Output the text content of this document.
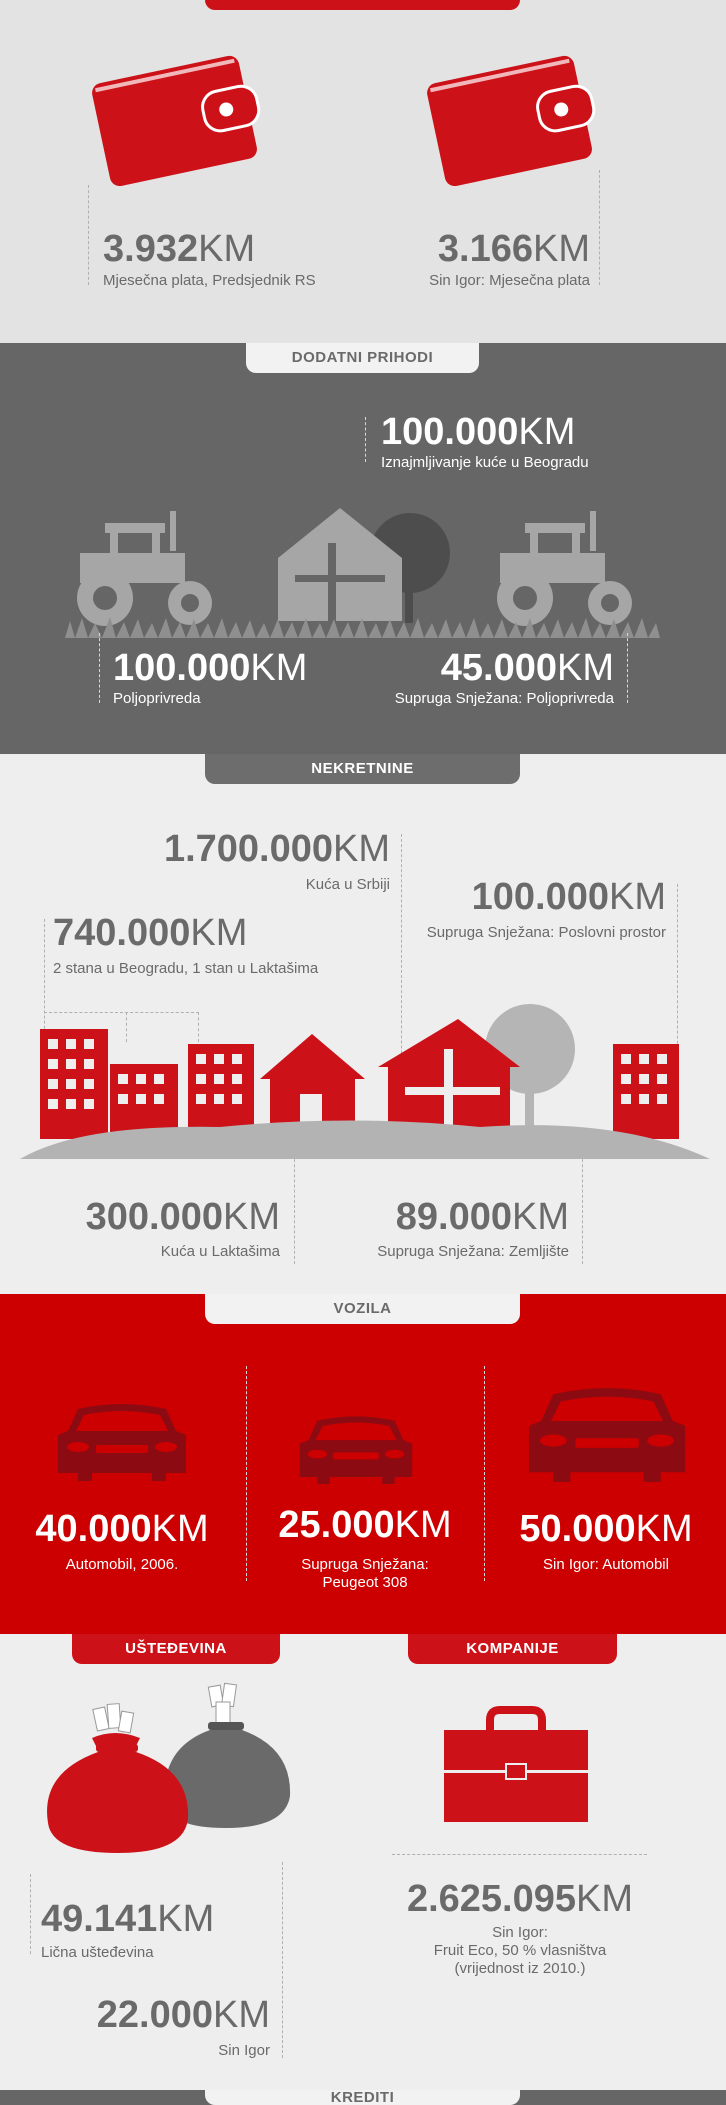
3.932KM
Mjesečna plata, Predsjednik RS
3.166KM
Sin Igor: Mjesečna plata
DODATNI PRIHODI
100.000KM
Iznajmljivanje kuće u Beogradu
100.000KM
Poljoprivreda
45.000KM
Supruga Snježana: Poljoprivreda
NEKRETNINE
1.700.000KM
Kuća u Srbiji 100.000KM
Supruga Snježana: Poslovni prostor
740.000KM
2 stana u Beogradu, 1 stan u Laktašima
300.000KM
Kuća u Laktašima
89.000KM
Supruga Snježana: Zemljište
VOZILA
40.000KM
Automobil, 2006.
25.000KM
Supruga Snježana:
Peugeot 308
50.000KM
Sin Igor: Automobil
UŠTEĐEVINA	KOMPANIJE
49.141KM
Lična uštеđevina
22.000KM
Sin Igor
2.625.095KM
Sin Igor:
Fruit Eco, 50 % vlasništva
(vrijednost iz 2010.)
KREDITI
